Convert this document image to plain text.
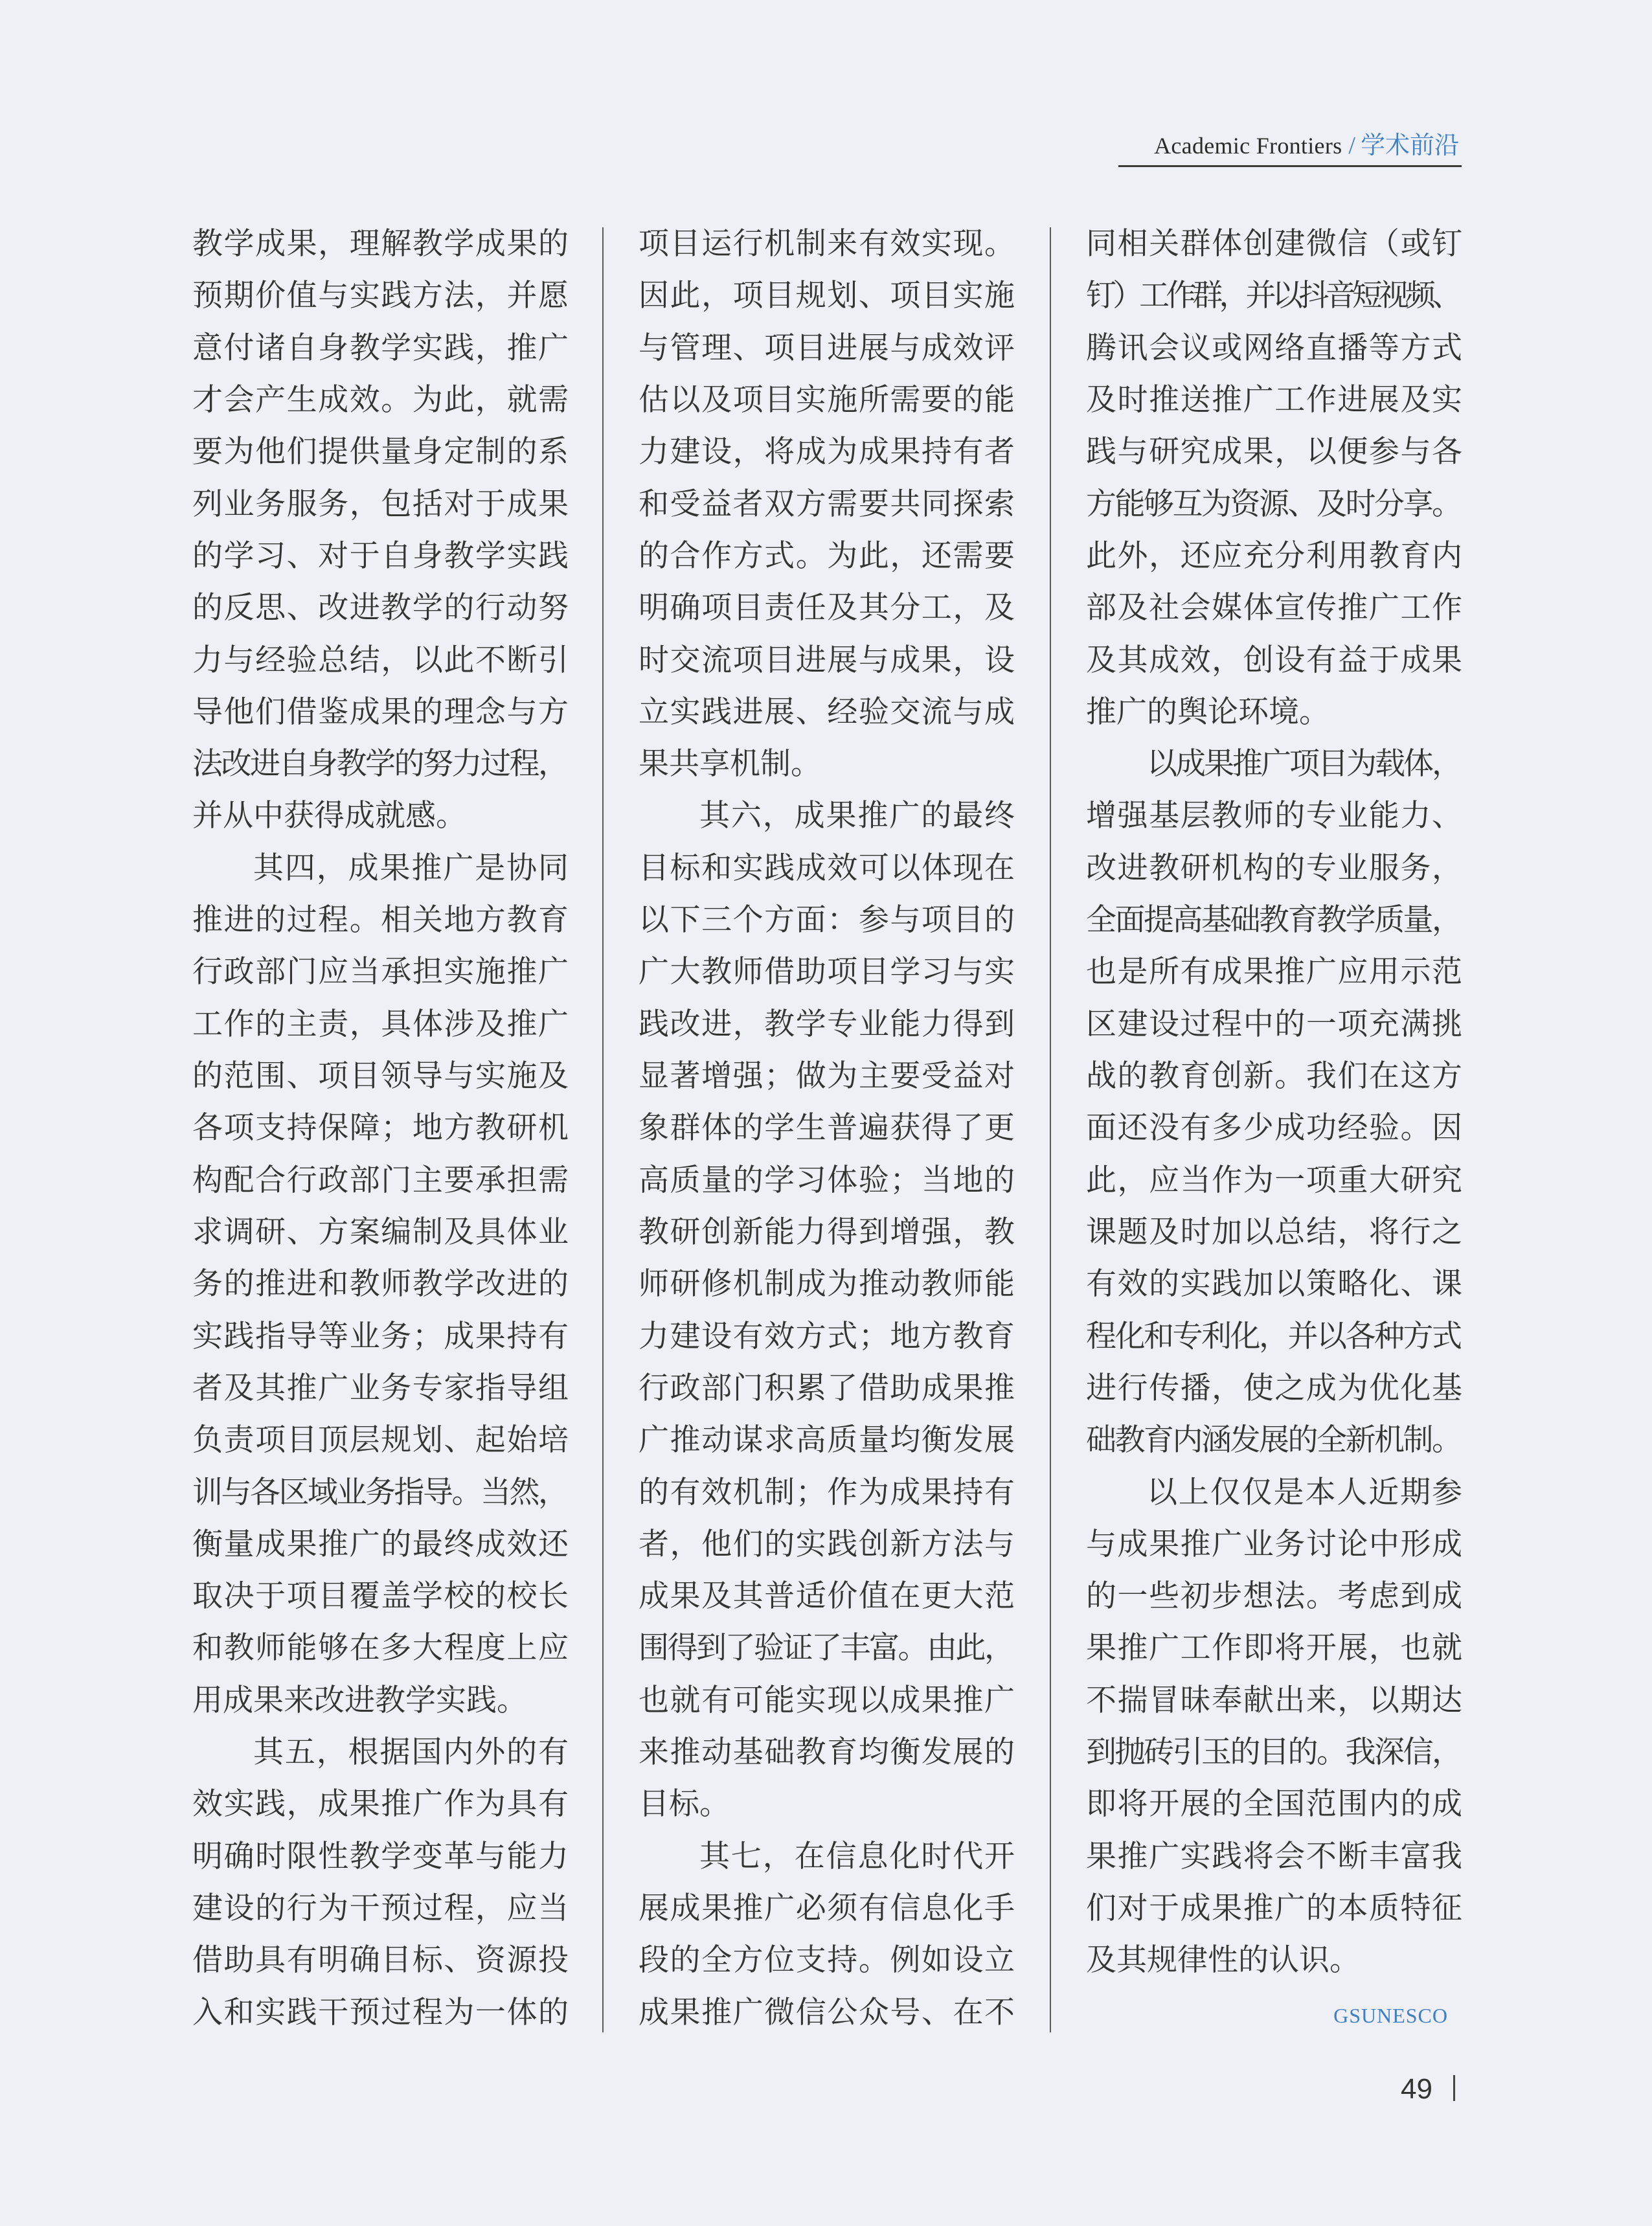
Academic Frontiers / 学术前沿
教学成果，理解教学成果的
预期价值与实践方法，并愿
意付诸自身教学实践，推广
才会产生成效。为此，就需
要为他们提供量身定制的系
列业务服务，包括对于成果
的学习、对于自身教学实践
的反思、改进教学的行动努
力与经验总结，以此不断引
导他们借鉴成果的理念与方
法改进自身教学的努力过程，
并从中获得成就感。
其四，成果推广是协同
推进的过程。相关地方教育
行政部门应当承担实施推广
工作的主责，具体涉及推广
的范围、项目领导与实施及
各项支持保障；地方教研机
构配合行政部门主要承担需
求调研、方案编制及具体业
务的推进和教师教学改进的
实践指导等业务；成果持有
者及其推广业务专家指导组
负责项目顶层规划、起始培
训与各区域业务指导。当然，
衡量成果推广的最终成效还
取决于项目覆盖学校的校长
和教师能够在多大程度上应
用成果来改进教学实践。
其五，根据国内外的有
效实践，成果推广作为具有
明确时限性教学变革与能力
建设的行为干预过程，应当
借助具有明确目标、资源投
入和实践干预过程为一体的
项目运行机制来有效实现。
因此，项目规划、项目实施
与管理、项目进展与成效评
估以及项目实施所需要的能
力建设，将成为成果持有者
和受益者双方需要共同探索
的合作方式。为此，还需要
明确项目责任及其分工，及
时交流项目进展与成果，设
立实践进展、经验交流与成
果共享机制。
其六，成果推广的最终
目标和实践成效可以体现在
以下三个方面：参与项目的
广大教师借助项目学习与实
践改进，教学专业能力得到
显著增强；做为主要受益对
象群体的学生普遍获得了更
高质量的学习体验；当地的
教研创新能力得到增强，教
师研修机制成为推动教师能
力建设有效方式；地方教育
行政部门积累了借助成果推
广推动谋求高质量均衡发展
的有效机制；作为成果持有
者，他们的实践创新方法与
成果及其普适价值在更大范
围得到了验证了丰富。由此，
也就有可能实现以成果推广
来推动基础教育均衡发展的
目标。
其七，在信息化时代开
展成果推广必须有信息化手
段的全方位支持。例如设立
成果推广微信公众号、在不
同相关群体创建微信（或钉
钉）工作群，并以抖音短视频、
腾讯会议或网络直播等方式
及时推送推广工作进展及实
践与研究成果，以便参与各
方能够互为资源、及时分享。
此外，还应充分利用教育内
部及社会媒体宣传推广工作
及其成效，创设有益于成果
推广的舆论环境。
以成果推广项目为载体，
增强基层教师的专业能力、
改进教研机构的专业服务，
全面提高基础教育教学质量，
也是所有成果推广应用示范
区建设过程中的一项充满挑
战的教育创新。我们在这方
面还没有多少成功经验。因
此，应当作为一项重大研究
课题及时加以总结，将行之
有效的实践加以策略化、课
程化和专利化，并以各种方式
进行传播，使之成为优化基
础教育内涵发展的全新机制。
以上仅仅是本人近期参
与成果推广业务讨论中形成
的一些初步想法。考虑到成
果推广工作即将开展，也就
不揣冒昧奉献出来，以期达
到抛砖引玉的目的。我深信，
即将开展的全国范围内的成
果推广实践将会不断丰富我
们对于成果推广的本质特征
及其规律性的认识。
GSUNESCO
49
